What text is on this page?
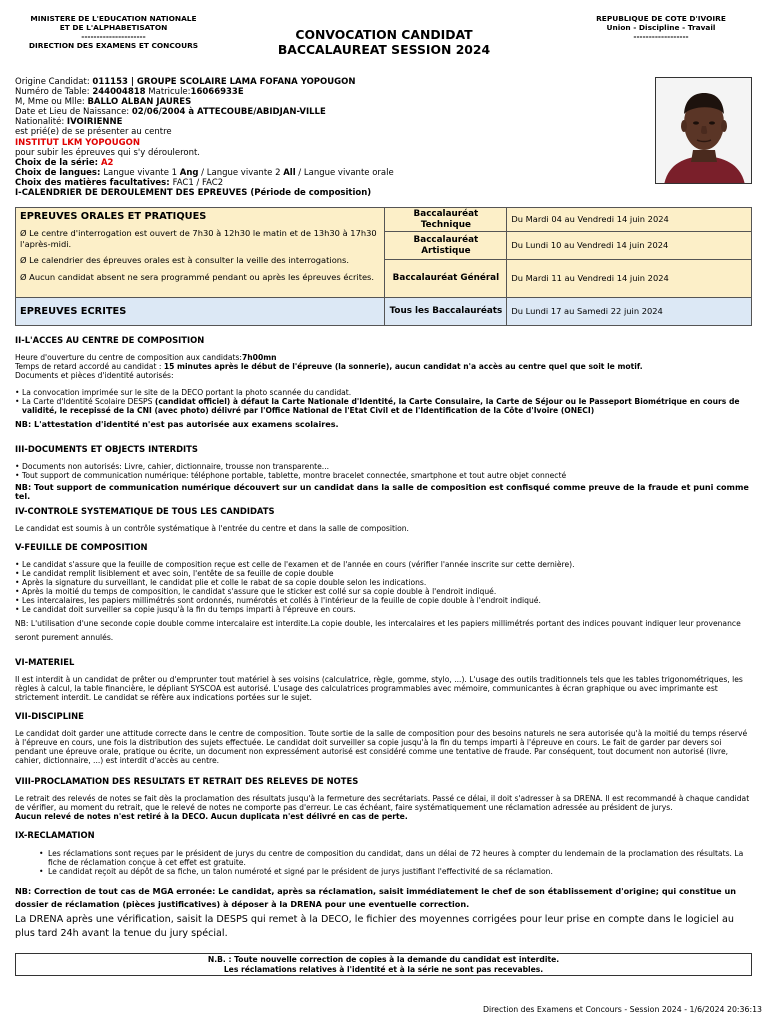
MINISTERE DE L'EDUCATION NATIONALE
ET DE L'ALPHABETISATON
---------------------
DIRECTION DES EXAMENS ET CONCOURS
CONVOCATION CANDIDAT
BACCALAUREAT SESSION 2024
REPUBLIQUE DE COTE D'IVOIRE
Union - Discipline - Travail
------------------
Origine Candidat: 011153 | GROUPE SCOLAIRE LAMA FOFANA YOPOUGON
Numéro de Table: 244004818 Matricule:16066933E
M, Mme ou Mlle: BALLO ALBAN JAURES
Date et Lieu de Naissance: 02/06/2004 à ATTECOUBE/ABIDJAN-VILLE
Nationalité: IVOIRIENNE
est prié(e) de se présenter au centre
INSTITUT LKM YOPOUGON
pour subir les épreuves qui s'y dérouleront.
Choix de la série: A2
Choix de langues: Langue vivante 1 Ang / Langue vivante 2 All / Langue vivante orale
Choix des matières facultatives: FAC1 / FAC2
I-CALENDRIER DE DEROULEMENT DES EPREUVES (Période de composition)
EPREUVES ORALES ET PRATIQUES

Ø Le centre d'interrogation est ouvert de 7h30 à 12h30 le matin et de 13h30 à 17h30 l'après-midi.

Ø Le calendrier des épreuves orales est à consulter la veille des interrogations.

Ø Aucun candidat absent ne sera programmé pendant ou après les épreuves écrites.	Baccalauréat Technique	Du Mardi 04 au Vendredi 14 juin 2024
	Baccalauréat Artistique	Du Lundi 10 au Vendredi 14 juin 2024
	Baccalauréat Général	Du Mardi 11 au Vendredi 14 juin 2024
EPREUVES ECRITES	Tous les Baccalauréats	Du Lundi 17 au Samedi 22 juin 2024
II-L'ACCES AU CENTRE DE COMPOSITION
Heure d'ouverture du centre de composition aux candidats:7h00mn
Temps de retard accordé au candidat : 15 minutes après le début de l'épreuve (la sonnerie), aucun candidat n'a accès au centre quel que soit le motif.
Documents et pièces d'identité autorisés:
• La convocation imprimée sur le site de la DECO portant la photo scannée du candidat.
• La Carte d'Identité Scolaire DESPS (candidat officiel) à défaut la Carte Nationale d'Identité, la Carte Consulaire, la Carte de Séjour ou le Passeport Biométrique en cours de validité, le recepissé de la CNI (avec photo) délivré par l'Office National de l'Etat Civil et de l'Identification de la Côte d'Ivoire (ONECI)
NB: L'attestation d'identité n'est pas autorisée aux examens scolaires.
III-DOCUMENTS ET OBJECTS INTERDITS
• Documents non autorisés: Livre, cahier, dictionnaire, trousse non transparente...
• Tout support de communication numérique: téléphone portable, tablette, montre bracelet connectée, smartphone et tout autre objet connecté
NB: Tout support de communication numérique découvert sur un candidat dans la salle de composition est confisqué comme preuve de la fraude et puni comme tel.
IV-CONTROLE SYSTEMATIQUE DE TOUS LES CANDIDATS
Le candidat est soumis à un contrôle systématique à l'entrée du centre et dans la salle de composition.
V-FEUILLE DE COMPOSITION
• Le candidat s'assure que la feuille de composition reçue est celle de l'examen et de l'année en cours (vérifier l'année inscrite sur cette dernière).
• Le candidat remplit lisiblement et avec soin, l'entête de sa feuille de copie double
• Après la signature du surveillant, le candidat plie et colle le rabat de sa copie double selon les indications.
• Après la moitié du temps de composition, le candidat s'assure que le sticker est collé sur sa copie double à l'endroit indiqué.
• Les intercalaires, les papiers millimétrés sont ordonnés, numérotés et collés à l'intérieur de la feuille de copie double à l'endroit indiqué.
• Le candidat doit surveiller sa copie jusqu'à la fin du temps imparti à l'épreuve en cours.
NB: L'utilisation d'une seconde copie double comme intercalaire est interdite.La copie double, les intercalaires et les papiers millimétrés portant des indices pouvant indiquer leur provenance seront purement annulés.
VI-MATERIEL
Il est interdit à un candidat de prêter ou d'emprunter tout matériel à ses voisins (calculatrice, règle, gomme, stylo, ...). L'usage des outils traditionnels tels que les tables trigonométriques, les règles à calcul, la table financière, le dépliant SYSCOA est autorisé. L'usage des calculatrices programmables avec mémoire, communicantes à écran graphique ou avec imprimante est strictement interdit. Le candidat se réfère aux indications portées sur le sujet.
VII-DISCIPLINE
Le candidat doit garder une attitude correcte dans le centre de composition. Toute sortie de la salle de composition pour des besoins naturels ne sera autorisée qu'à la moitié du temps réservé à l'épreuve en cours, une fois la distribution des sujets effectuée. Le candidat doit surveiller sa copie jusqu'à la fin du temps imparti à l'épreuve en cours. Le fait de garder par devers soi pendant une épreuve orale, pratique ou écrite, un document non expressément autorisé est considéré comme une tentative de fraude. Par conséquent, tout document non autorisé (livre, cahier, dictionnaire, ...) est interdit d'accès au centre.
VIII-PROCLAMATION DES RESULTATS ET RETRAIT DES RELEVES DE NOTES
Le retrait des relevés de notes se fait dès la proclamation des résultats jusqu'à la fermeture des secrétariats. Passé ce délai, il doit s'adresser à sa DRENA. Il est recommandé à chaque candidat de vérifier, au moment du retrait, que le relevé de notes ne comporte pas d'erreur. Le cas échéant, faire systématiquement une réclamation adressée au président de jurys.
Aucun relevé de notes n'est retiré à la DECO. Aucun duplicata n'est délivré en cas de perte.
IX-RECLAMATION
• Les réclamations sont reçues par le président de jurys du centre de composition du candidat, dans un délai de 72 heures à compter du lendemain de la proclamation des résultats. La fiche de réclamation conçue à cet effet est gratuite.
• Le candidat reçoit au dépôt de sa fiche, un talon numéroté et signé par le président de jurys justifiant l'effectivité de sa réclamation.
NB: Correction de tout cas de MGA erronée: Le candidat, après sa réclamation, saisit immédiatement le chef de son établissement d'origine; qui constitue un dossier de réclamation (pièces justificatives) à déposer à la DRENA pour une eventuelle correction.
La DRENA après une vérification, saisit la DESPS qui remet à la DECO, le fichier des moyennes corrigées pour leur prise en compte dans le logiciel au plus tard 24h avant la tenue du jury spécial.
N.B. : Toute nouvelle correction de copies à la demande du candidat est interdite.
Les réclamations relatives à l'identité et à la série ne sont pas recevables.
Direction des Examens et Concours - Session 2024 - 1/6/2024 20:36:13
